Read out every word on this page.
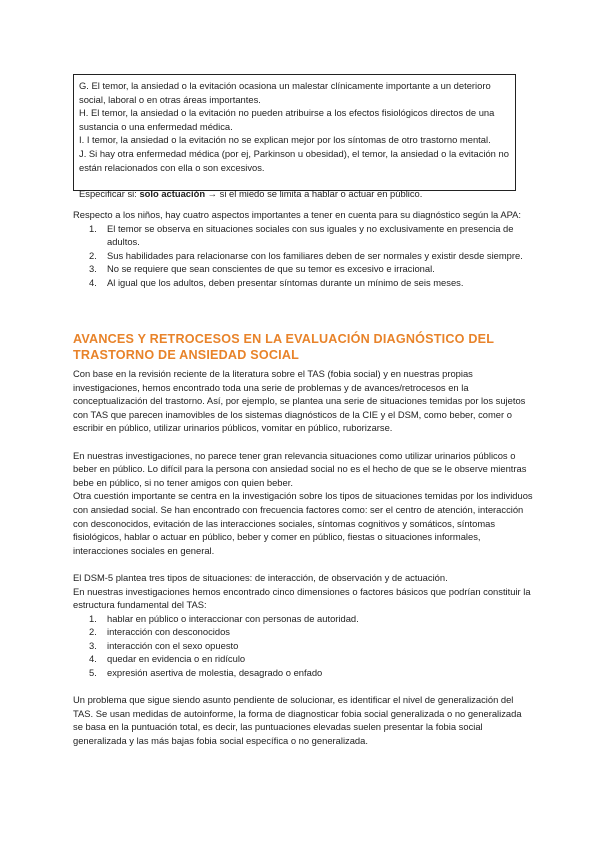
G. El temor, la ansiedad o la evitación ocasiona un malestar clínicamente importante a un deterioro social, laboral o en otras áreas importantes.

H. El temor, la ansiedad o la evitación no pueden atribuirse a los efectos fisiológicos directos de una sustancia o una enfermedad médica.

I. I temor, la ansiedad o la evitación no se explican mejor por los síntomas de otro trastorno mental.

J. Si hay otra enfermedad médica (por ej, Parkinson u obesidad), el temor, la ansiedad o la evitación no están relacionados con ella o son excesivos.

Especificar si: solo actuación → si el miedo se limita a hablar o actuar en público.

Respecto a los niños, hay cuatro aspectos importantes a tener en cuenta para su diagnóstico según la APA:

1. El temor se observa en situaciones sociales con sus iguales y no exclusivamente en presencia de adultos.
2. Sus habilidades para relacionarse con los familiares deben de ser normales y existir desde siempre.
3. No se requiere que sean conscientes de que su temor es excesivo e irracional.
4. Al igual que los adultos, deben presentar síntomas durante un mínimo de seis meses.
AVANCES Y RETROCESOS EN LA EVALUACIÓN DIAGNÓSTICO DEL TRASTORNO DE ANSIEDAD SOCIAL

Con base en la revisión reciente de la literatura sobre el TAS (fobia social) y en nuestras propias investigaciones, hemos encontrado toda una serie de problemas y de avances/retrocesos en la conceptualización del trastorno. Así, por ejemplo, se plantea una serie de situaciones temidas por los sujetos con TAS que parecen inamovibles de los sistemas diagnósticos de la CIE y el DSM, como beber, comer o escribir en público, utilizar urinarios públicos, vomitar en público, ruborizarse.

En nuestras investigaciones, no parece tener gran relevancia situaciones como utilizar urinarios públicos o beber en público. Lo difícil para la persona con ansiedad social no es el hecho de que se le observe mientras bebe en público, si no tener amigos con quien beber.

Otra cuestión importante se centra en la investigación sobre los tipos de situaciones temidas por los individuos con ansiedad social. Se han encontrado con frecuencia factores como: ser el centro de atención, interacción con desconocidos, evitación de las interacciones sociales, síntomas cognitivos y somáticos, síntomas fisiológicos, hablar o actuar en público, beber y comer en público, fiestas o situaciones informales, interacciones sociales en general.

El DSM-5 plantea tres tipos de situaciones: de interacción, de observación y de actuación.

En nuestras investigaciones hemos encontrado cinco dimensiones o factores básicos que podrían constituir la estructura fundamental del TAS:

1. hablar en público o interaccionar con personas de autoridad.
2. interacción con desconocidos
3. interacción con el sexo opuesto
4. quedar en evidencia o en ridículo
5. expresión asertiva de molestia, desagrado o enfado

Un problema que sigue siendo asunto pendiente de solucionar, es identificar el nivel de generalización del TAS. Se usan medidas de autoinforme, la forma de diagnosticar fobia social generalizada o no generalizada se basa en la puntuación total, es decir, las puntuaciones elevadas suelen presentar la fobia social generalizada y las más bajas fobia social específica o no generalizada.
